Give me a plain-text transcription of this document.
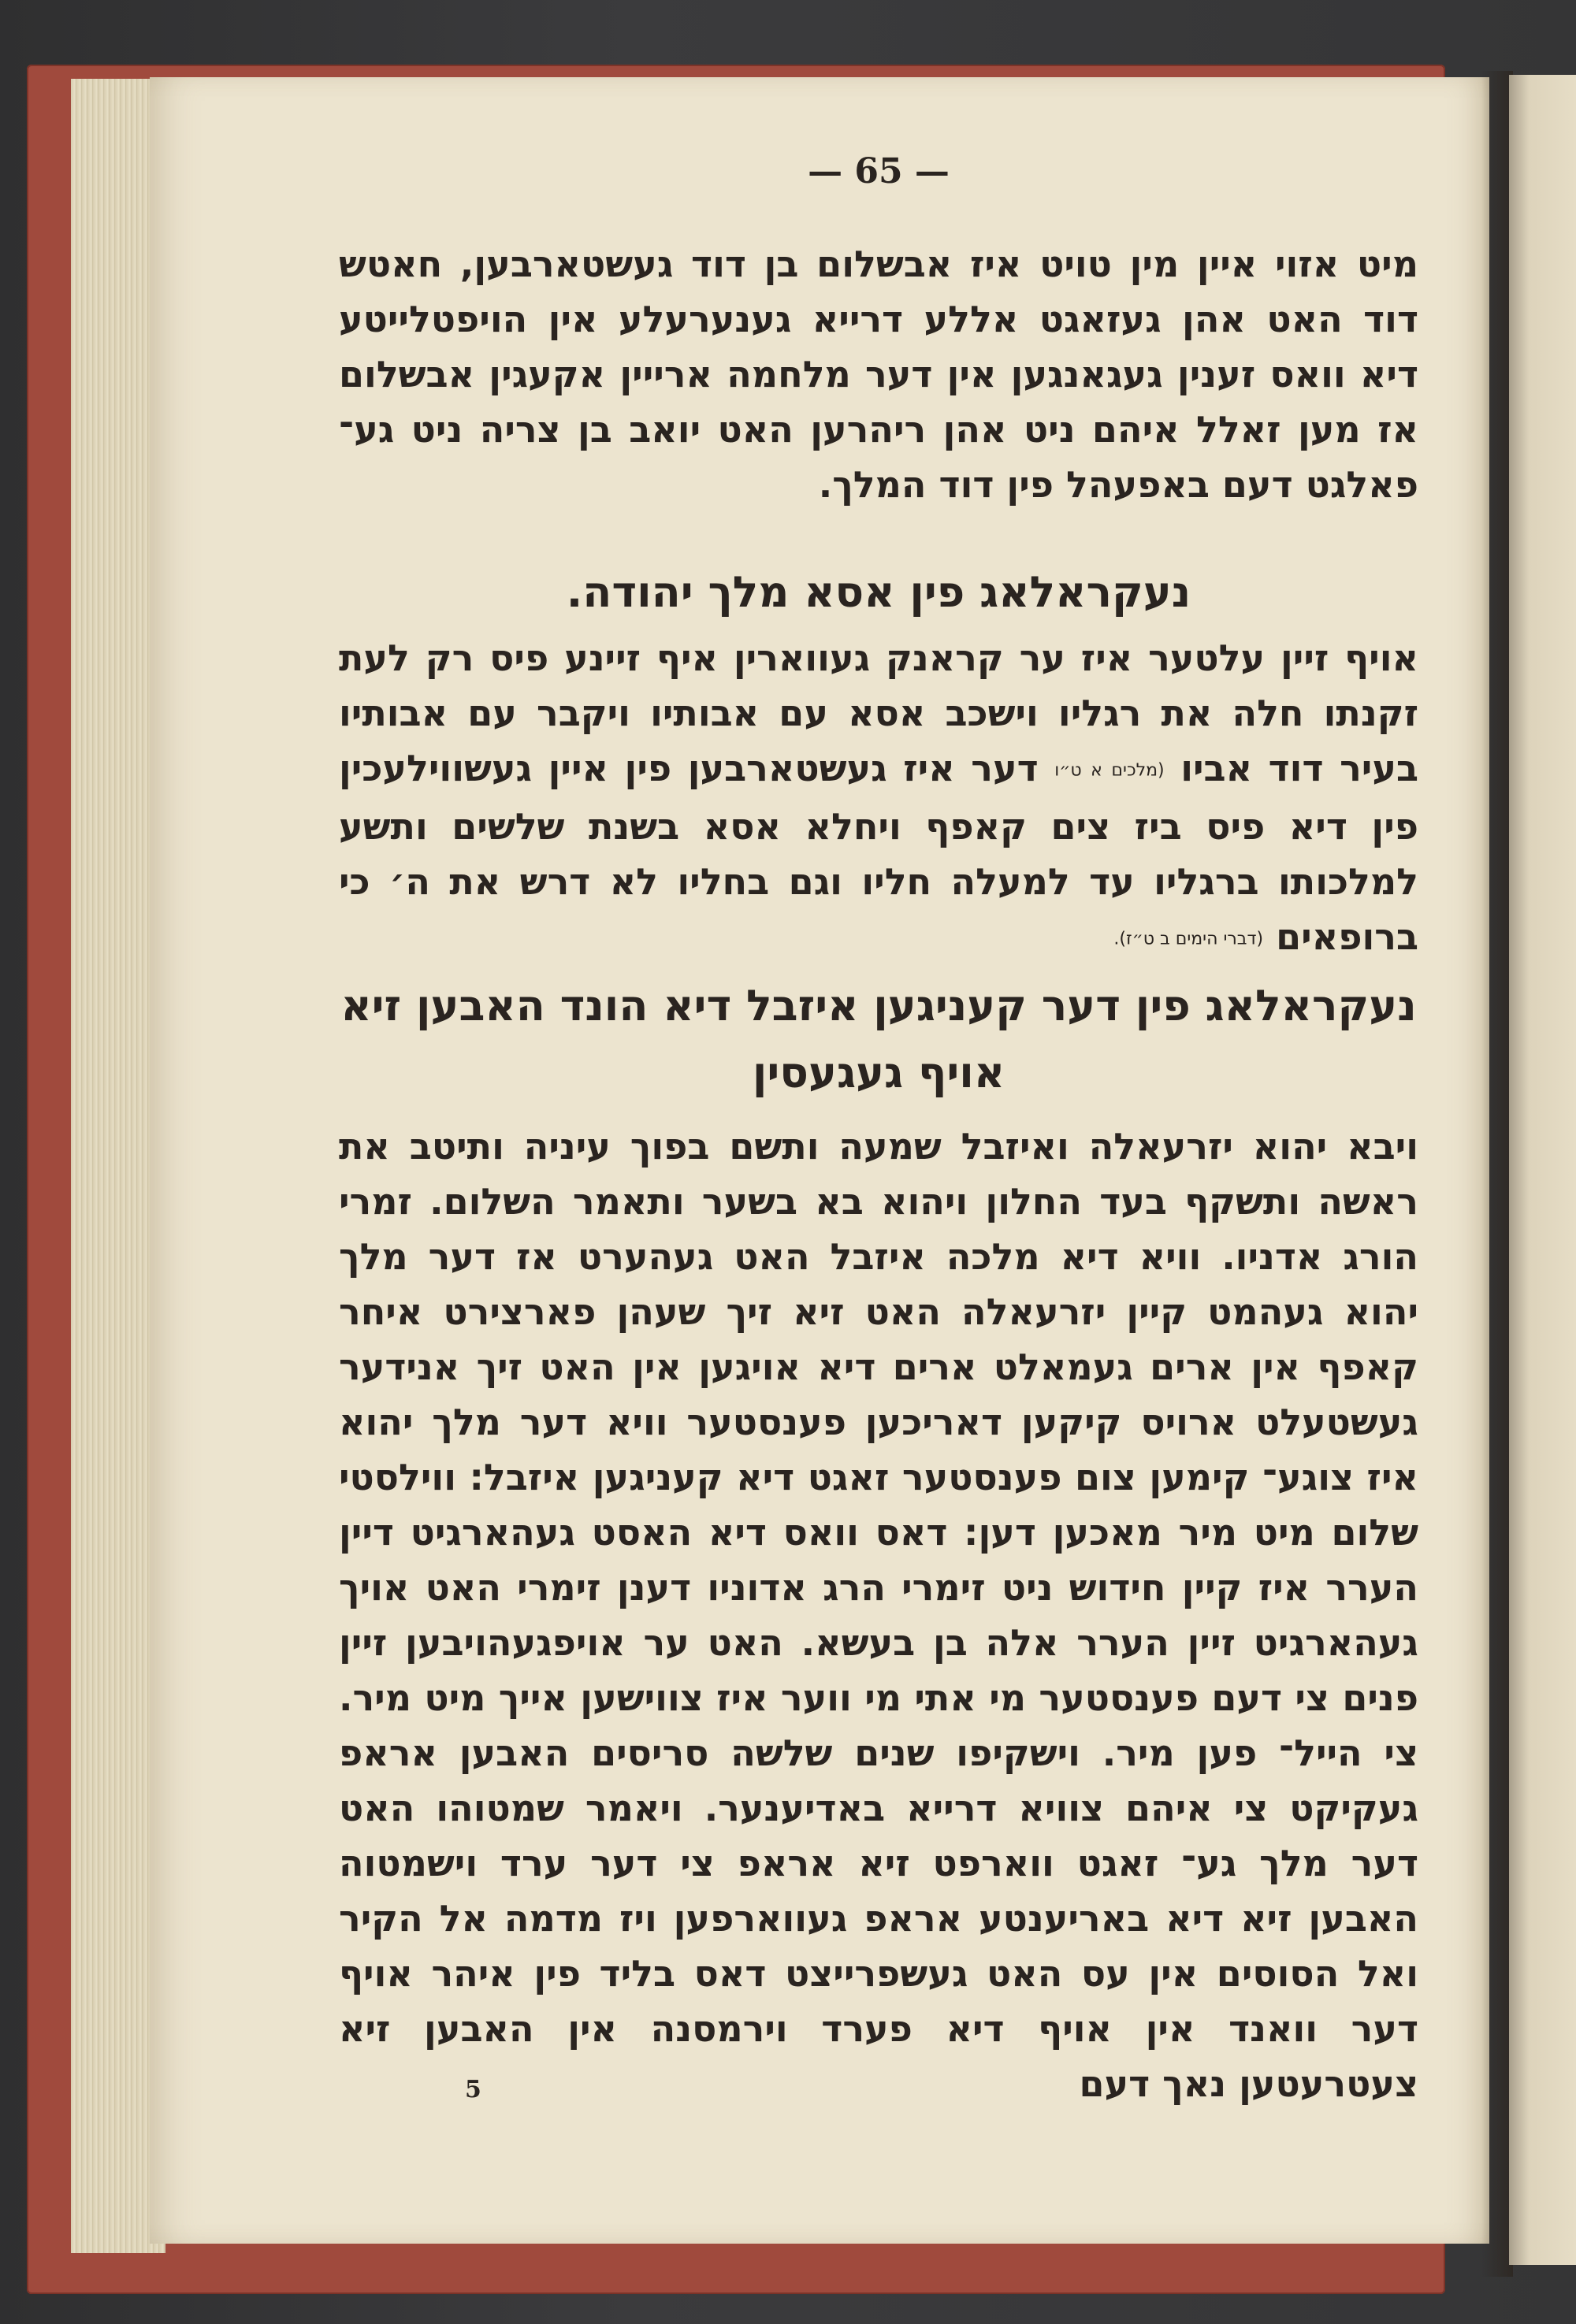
— 65 —
מיט אזוי איין מין טויט איז אבשלום בן דוד געשטארבען, חאטש דוד האט אהן געזאגט אללע דרייא גענערעלע אין הויפטלייטע דיא וואס זענין געגאנגען אין דער מלחמה ארייין אקעגין אבשלום אז מען זאלל איהם ניט אהן ריהרען האט יואב בן צריה ניט גע־ פאלגט דעם באפעהל פין דוד המלך.
נעקראלאג פין אסא מלך יהודה.
אויף זיין עלטער איז ער קראנק געווארין איף זיינע פיס רק לעת זקנתו חלה את רגליו וישכב אסא עם אבותיו ויקבר עם אבותיו בעיר דוד אביו (מלכים א ט״ו דער איז געשטארבען פין איין געשווילעכין פין דיא פיס ביז צים קאפף ויחלא אסא בשנת שלשים ותשע למלכותו ברגליו עד למעלה חליו וגם בחליו לא דרש את ה׳ כי ברופאים (דברי הימים ב ט״ז).
נעקראלאג פין דער קעניגען איזבל דיא הונד האבען זיא
אויף געגעסין
ויבא יהוא יזרעאלה ואיזבל שמעה ותשם בפוך עיניה ותיטב את ראשה ותשקף בעד החלון ויהוא בא בשער ותאמר השלום. זמרי הורג אדניו. וויא דיא מלכה איזבל האט געהערט אז דער מלך יהוא געהמט קיין יזרעאלה האט זיא זיך שעהן פארצירט איחר קאפף אין ארים געמאלט ארים דיא אויגען אין האט זיך אנידער געשטעלט ארויס קיקען דאריכען פענסטער וויא דער מלך יהוא איז צוגע־ קימען צום פענסטער זאגט דיא קעניגען איזבל: ווילסטי שלום מיט מיר מאכען דען: דאס וואס דיא האסט געהארגיט דיין הערר איז קיין חידוש ניט זימרי הרג אדוניו דענן זימרי האט אויך געהארגיט זיין הערר אלה בן בעשא. האט ער אויפגעהויבען זיין פנים צי דעם פענסטער מי אתי מי ווער איז צווישען אייך מיט מיר. צי הייל־ פען מיר. וישקיפו שנים שלשה סריסים האבען אראפ געקיקט צי איהם צוויא דרייא באדיענער. ויאמר שמטוהו האט דער מלך גע־ זאגט ווארפט זיא אראפ צי דער ערד וישמטוה האבען זיא דיא באריענטע אראפ געווארפען ויז מדמה אל הקיר ואל הסוסים אין עס האט געשפרייצט דאס בליד פין איהר אויף דער וואנד אין אויף דיא פערד וירמסנה אין האבען זיא צעטרעטען נאך דעם
5
